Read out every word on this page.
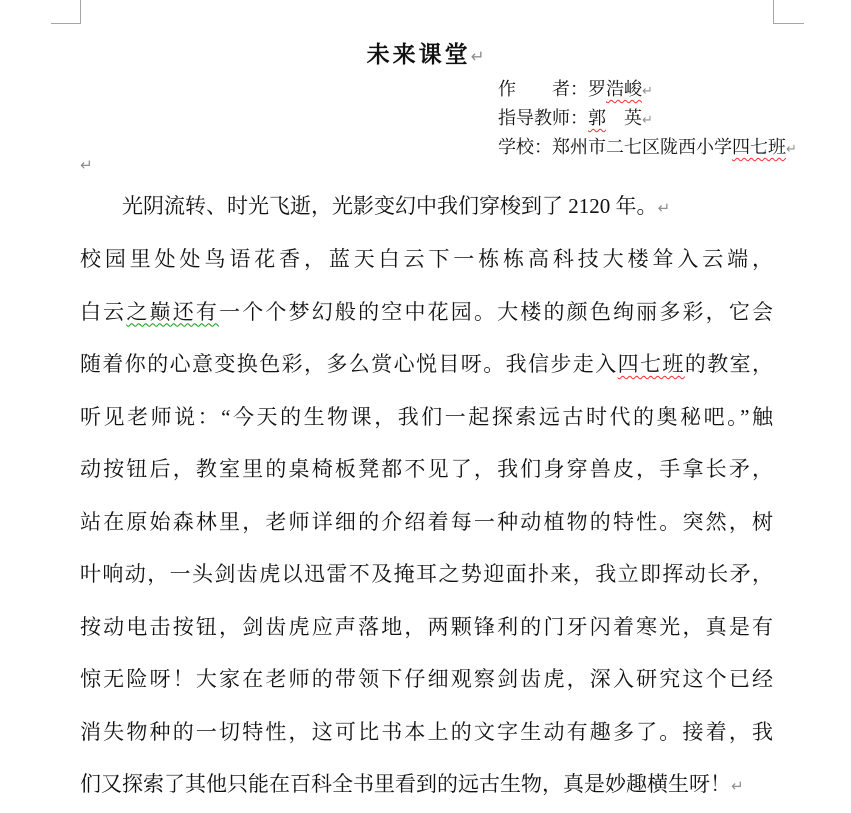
未来课堂↵
作　　者：罗浩峻↵
指导教师：郭　英↵
学校：郑州市二七区陇西小学四七班↵
↵
光阴流转、时光飞逝，光影变幻中我们穿梭到了 2120 年。↵
校园里处处鸟语花香，蓝天白云下一栋栋高科技大楼耸入云端，
白云之巅还有一个个梦幻般的空中花园。大楼的颜色绚丽多彩，它会
随着你的心意变换色彩，多么赏心悦目呀。我信步走入四七班的教室，
听见老师说：“今天的生物课，我们一起探索远古时代的奥秘吧。”触
动按钮后，教室里的桌椅板凳都不见了，我们身穿兽皮，手拿长矛，
站在原始森林里，老师详细的介绍着每一种动植物的特性。突然，树
叶响动，一头剑齿虎以迅雷不及掩耳之势迎面扑来，我立即挥动长矛，
按动电击按钮，剑齿虎应声落地，两颗锋利的门牙闪着寒光，真是有
惊无险呀！大家在老师的带领下仔细观察剑齿虎，深入研究这个已经
消失物种的一切特性，这可比书本上的文字生动有趣多了。接着，我
们又探索了其他只能在百科全书里看到的远古生物，真是妙趣横生呀！↵
